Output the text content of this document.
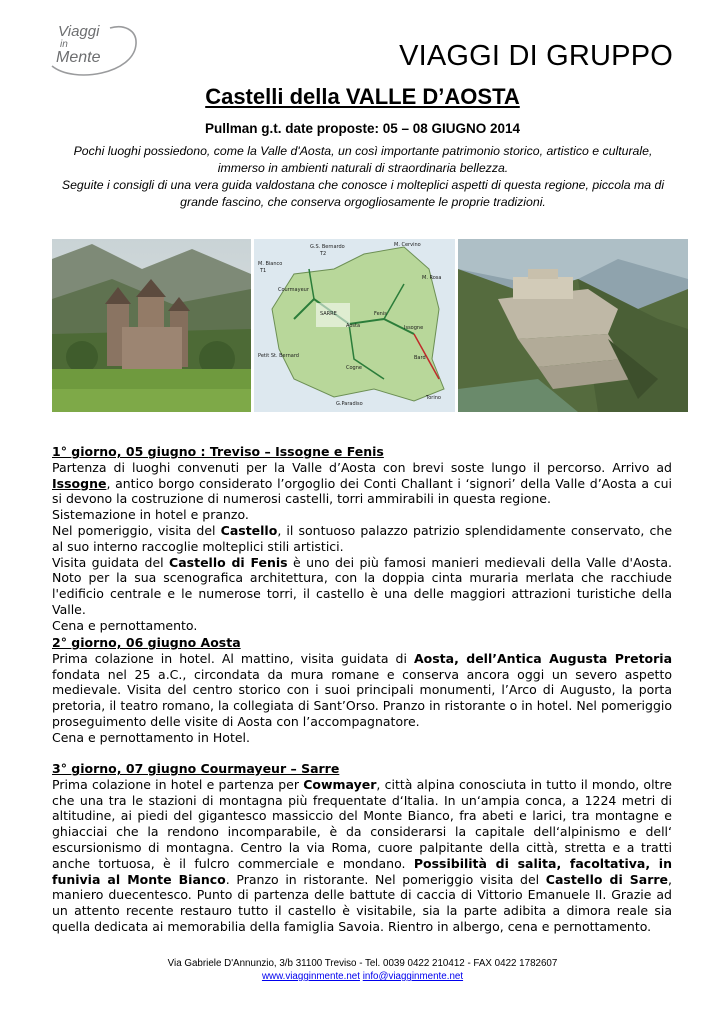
Viaggi
in
Mente	VIAGGI DI GRUPPO
Castelli della VALLE D’AOSTA
Pullman g.t. date proposte: 05 – 08 GIUGNO 2014
Pochi luoghi possiedono, come la Valle d'Aosta, un così importante patrimonio storico, artistico e culturale, immerso in ambienti naturali di straordinaria bellezza.
Seguite i consigli di una vera guida valdostana che conosce i molteplici aspetti di questa regione, piccola ma di grande fascino, che conserva orgogliosamente le proprie tradizioni.
G.S. Bernardo
T2
M. Cervino
M. Bianco
T1
Courmayeur
SARRE
Aosta
Petit St. Bernard
G.Paradiso
M. Rosa
Torino
Issogne
Fenis
Bard
Cogne

1° giorno, 05 giugno : Treviso – Issogne e Fenis

Partenza di luoghi convenuti per la Valle d’Aosta con brevi soste lungo il percorso. Arrivo ad Issogne, antico borgo considerato l’orgoglio dei Conti Challant i ‘signori’ della Valle d’Aosta a cui si devono la costruzione di numerosi castelli, torri ammirabili in questa regione.

Sistemazione in hotel e pranzo.

Nel pomeriggio, visita del Castello, il sontuoso palazzo patrizio splendidamente conservato, che al suo interno raccoglie molteplici stili artistici.

Visita guidata del Castello di Fenis è uno dei più famosi manieri medievali della Valle d'Aosta. Noto per la sua scenografica architettura, con la doppia cinta muraria merlata che racchiude l'edificio centrale e le numerose torri, il castello è una delle maggiori attrazioni turistiche della Valle.

Cena e pernottamento.

2° giorno, 06 giugno Aosta

Prima colazione in hotel. Al mattino, visita guidata di Aosta, dell’Antica Augusta Pretoria fondata nel 25 a.C., circondata da mura romane e conserva ancora oggi un severo aspetto medievale. Visita del centro storico con i suoi principali monumenti, l’Arco di Augusto, la porta pretoria, il teatro romano, la collegiata di Sant’Orso. Pranzo in ristorante o in hotel. Nel pomeriggio proseguimento delle visite di Aosta con l’accompagnatore.

Cena e pernottamento in Hotel.

3° giorno, 07 giugno Courmayeur – Sarre

Prima colazione in hotel e partenza per Cowmayer, città alpina conosciuta in tutto il mondo, oltre che una tra le stazioni di montagna più frequentate d‘Italia. In un‘ampia conca, a 1224 metri di altitudine, ai piedi del gigantesco massiccio del Monte Bianco, fra abeti e larici, tra montagne e ghiacciai che la rendono incomparabile, è da considerarsi la capitale dell‘alpinismo e dell‘ escursionismo di montagna. Centro la via Roma, cuore palpitante della città, stretta e a tratti anche tortuosa, è il fulcro commerciale e mondano. Possibilità di salita, facoltativa, in funivia al Monte Bianco. Pranzo in ristorante. Nel pomeriggio visita del Castello di Sarre, maniero duecentesco. Punto di partenza delle battute di caccia di Vittorio Emanuele II. Grazie ad un attento recente restauro tutto il castello è visitabile, sia la parte adibita a dimora reale sia quella dedicata ai memorabilia della famiglia Savoia. Rientro in albergo, cena e pernottamento.

Via Gabriele D'Annunzio, 3/b 31100 Treviso - Tel. 0039 0422 210412 - FAX 0422 1782607
www.viagginmente.net info@viagginmente.net
